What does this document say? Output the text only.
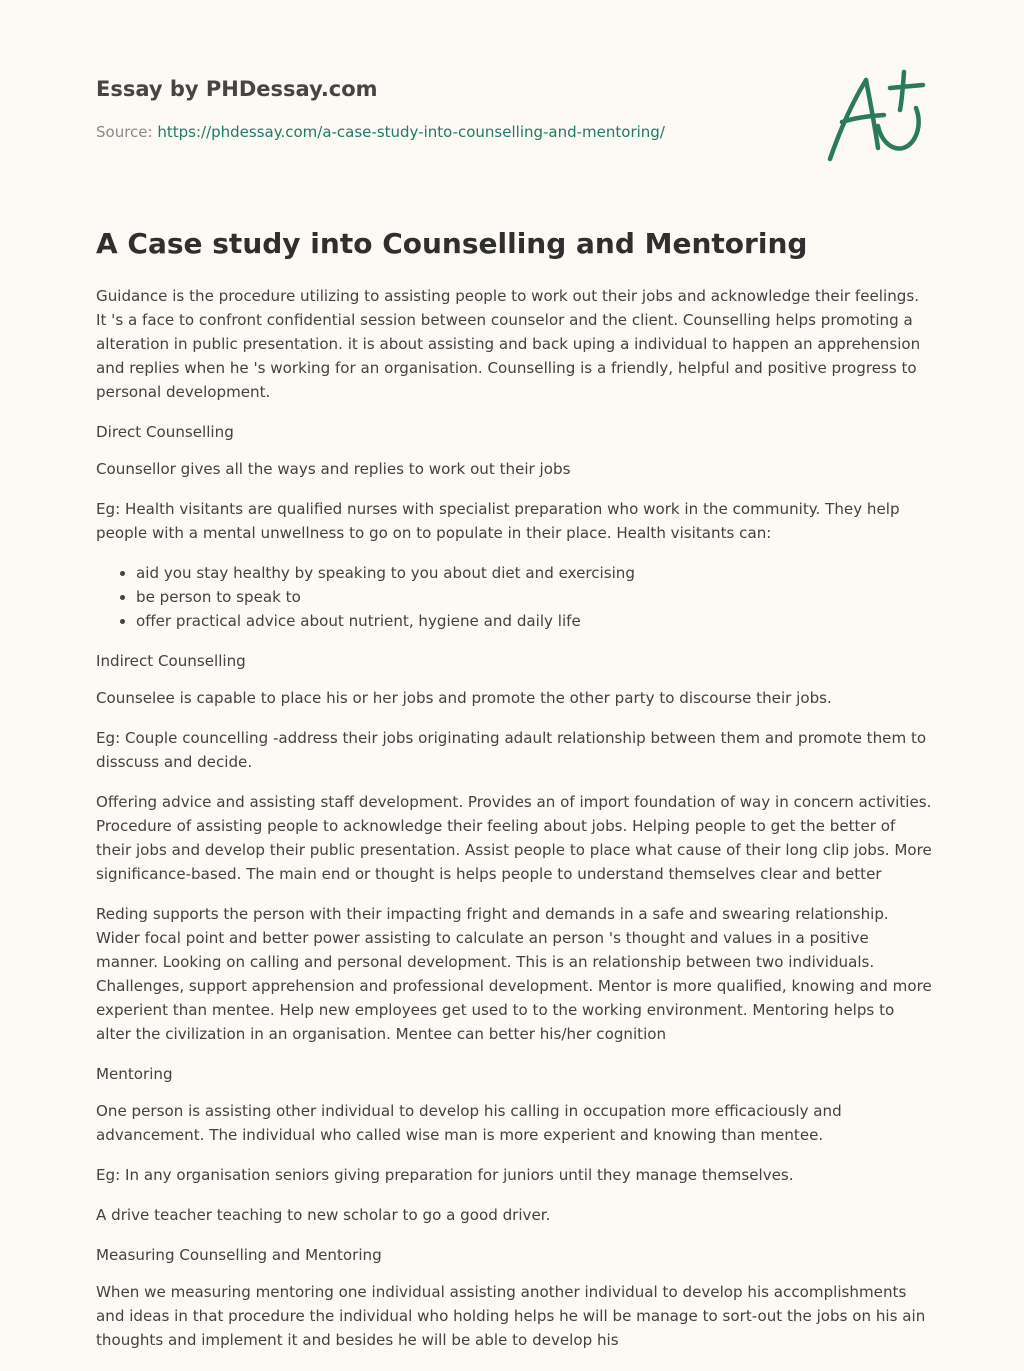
Essay by PHDessay.com
Source: https://phdessay.com/a-case-study-into-counselling-and-mentoring/
A Case study into Counselling and Mentoring

Guidance is the procedure utilizing to assisting people to work out their jobs and acknowledge their feelings. It 's a face to confront confidential session between counselor and the client. Counselling helps promoting a alteration in public presentation. it is about assisting and back uping a individual to happen an apprehension and replies when he 's working for an organisation. Counselling is a friendly, helpful and positive progress to personal development.

Direct Counselling

Counsellor gives all the ways and replies to work out their jobs

Eg: Health visitants are qualified nurses with specialist preparation who work in the community. They help people with a mental unwellness to go on to populate in their place. Health visitants can:

• aid you stay healthy by speaking to you about diet and exercising
• be person to speak to
• offer practical advice about nutrient, hygiene and daily life

Indirect Counselling

Counselee is capable to place his or her jobs and promote the other party to discourse their jobs.

Eg: Couple councelling -address their jobs originating adault relationship between them and promote them to disscuss and decide.

Offering advice and assisting staff development. Provides an of import foundation of way in concern activities. Procedure of assisting people to acknowledge their feeling about jobs. Helping people to get the better of their jobs and develop their public presentation. Assist people to place what cause of their long clip jobs. More significance-based. The main end or thought is helps people to understand themselves clear and better

Reding supports the person with their impacting fright and demands in a safe and swearing relationship. Wider focal point and better power assisting to calculate an person 's thought and values in a positive manner. Looking on calling and personal development. This is an relationship between two individuals. Challenges, support apprehension and professional development. Mentor is more qualified, knowing and more experient than mentee. Help new employees get used to to the working environment. Mentoring helps to alter the civilization in an organisation. Mentee can better his/her cognition

Mentoring

One person is assisting other individual to develop his calling in occupation more efficaciously and advancement. The individual who called wise man is more experient and knowing than mentee.

Eg: In any organisation seniors giving preparation for juniors until they manage themselves.

A drive teacher teaching to new scholar to go a good driver.

Measuring Counselling and Mentoring

When we measuring mentoring one individual assisting another individual to develop his accomplishments and ideas in that procedure the individual who holding helps he will be manage to sort-out the jobs on his ain thoughts and implement it and besides he will be able to develop his
